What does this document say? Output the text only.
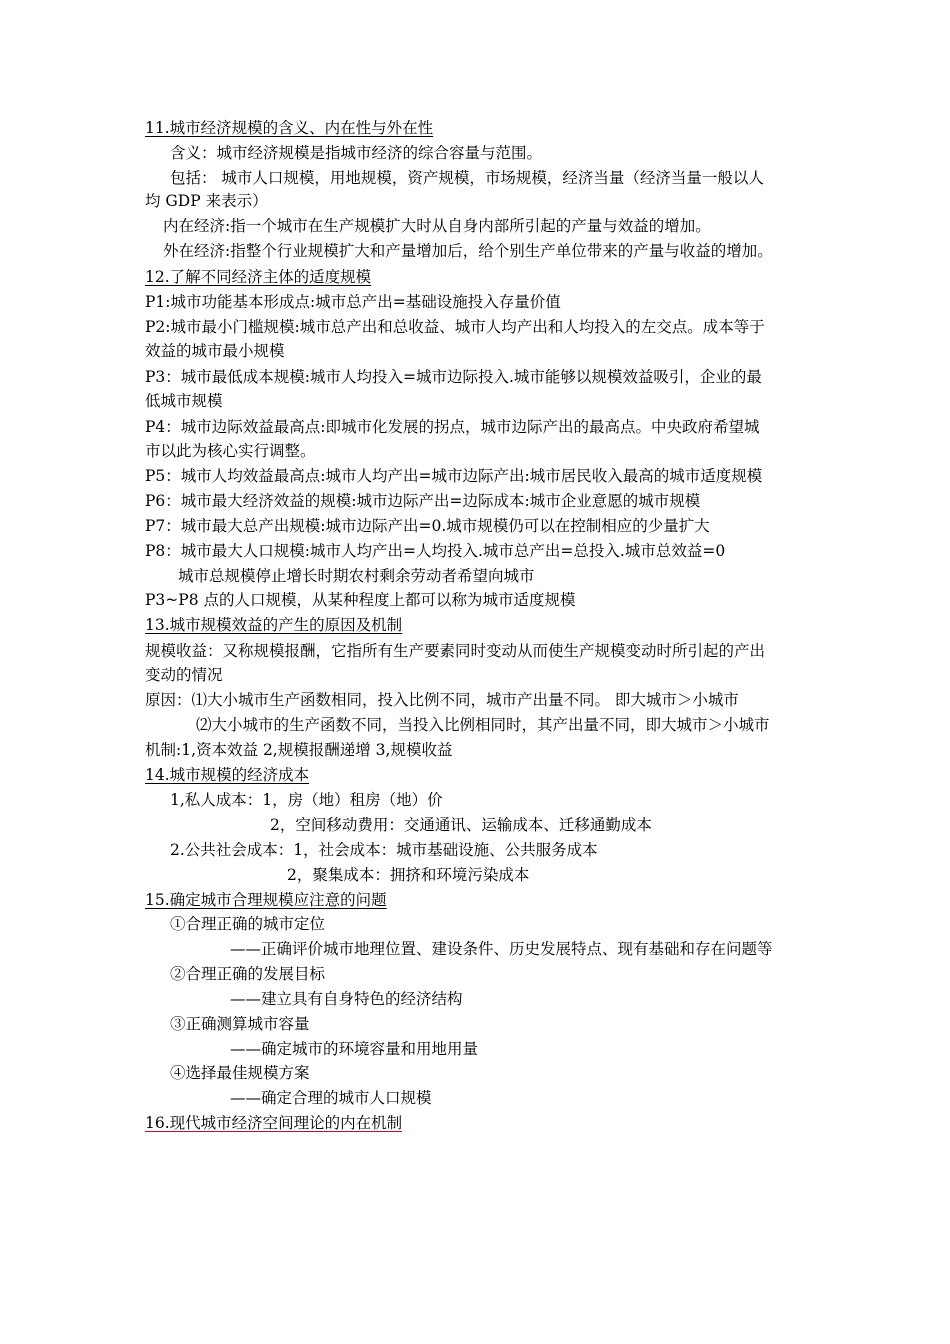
11.城市经济规模的含义、内在性与外在性
含义：城市经济规模是指城市经济的综合容量与范围。
包括： 城市人口规模，用地规模，资产规模，市场规模，经济当量（经济当量一般以人
均 GDP 来表示）
内在经济:指一个城市在生产规模扩大时从自身内部所引起的产量与效益的增加。
外在经济:指整个行业规模扩大和产量增加后，给个别生产单位带来的产量与收益的增加。
12.了解不同经济主体的适度规模
P1:城市功能基本形成点:城市总产出=基础设施投入存量价值
P2:城市最小门槛规模:城市总产出和总收益、城市人均产出和人均投入的左交点。成本等于
效益的城市最小规模
P3：城市最低成本规模:城市人均投入=城市边际投入.城市能够以规模效益吸引，企业的最
低城市规模
P4：城市边际效益最高点:即城市化发展的拐点，城市边际产出的最高点。中央政府希望城
市以此为核心实行调整。
P5：城市人均效益最高点:城市人均产出=城市边际产出:城市居民收入最高的城市适度规模
P6：城市最大经济效益的规模:城市边际产出=边际成本:城市企业意愿的城市规模
P7：城市最大总产出规模:城市边际产出=0.城市规模仍可以在控制相应的少量扩大
P8：城市最大人口规模:城市人均产出=人均投入.城市总产出=总投入.城市总效益=0
城市总规模停止增长时期农村剩余劳动者希望向城市
P3~P8 点的人口规模，从某种程度上都可以称为城市适度规模
13.城市规模效益的产生的原因及机制
规模收益：又称规模报酬，它指所有生产要素同时变动从而使生产规模变动时所引起的产出
变动的情况
原因：⑴大小城市生产函数相同，投入比例不同，城市产出量不同。 即大城市＞小城市
⑵大小城市的生产函数不同，当投入比例相同时，其产出量不同，即大城市＞小城市
机制:1,资本效益 2,规模报酬递增 3,规模收益
14.城市规模的经济成本
1,私人成本：1，房（地）租房（地）价
2，空间移动费用：交通通讯、运输成本、迁移通勤成本
2.公共社会成本：1，社会成本：城市基础设施、公共服务成本
2，聚集成本：拥挤和环境污染成本
15.确定城市合理规模应注意的问题
①合理正确的城市定位
——正确评价城市地理位置、建设条件、历史发展特点、现有基础和存在问题等
②合理正确的发展目标
——建立具有自身特色的经济结构
③正确测算城市容量
——确定城市的环境容量和用地用量
④选择最佳规模方案
——确定合理的城市人口规模
16.现代城市经济空间理论的内在机制
